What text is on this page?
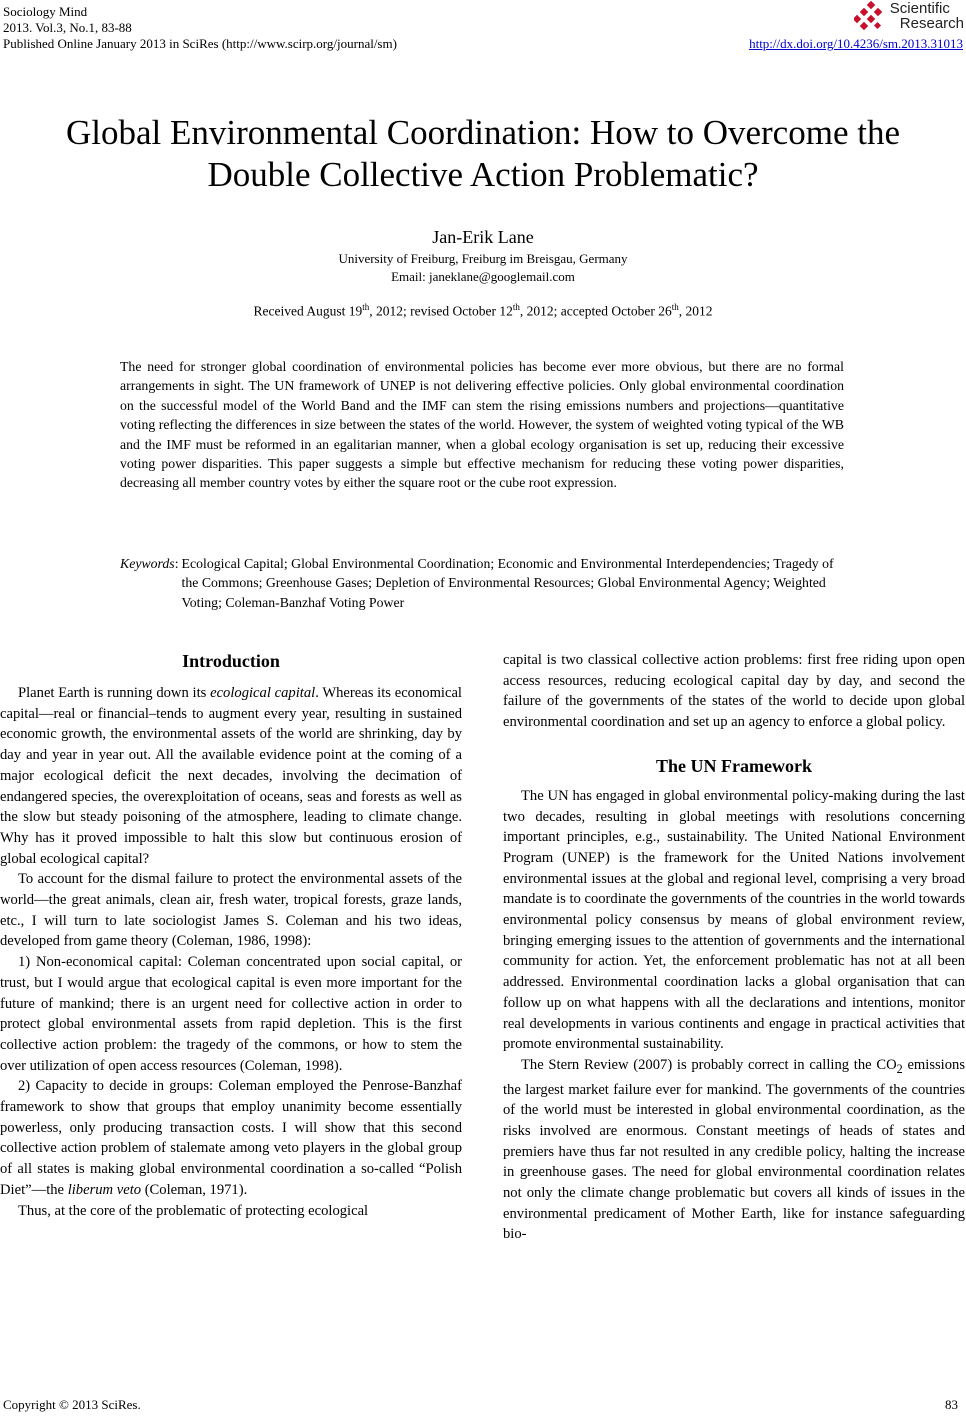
Sociology Mind
2013. Vol.3, No.1, 83-88
Published Online January 2013 in SciRes (http://www.scirp.org/journal/sm)
Scientific
Research
http://dx.doi.org/10.4236/sm.2013.31013
Global Environmental Coordination: How to Overcome the
Double Collective Action Problematic?
Jan-Erik Lane
University of Freiburg, Freiburg im Breisgau, Germany
Email: janeklane@googlemail.com
Received August 19th, 2012; revised October 12th, 2012; accepted October 26th, 2012
The need for stronger global coordination of environmental policies has become ever more obvious, but there are no formal arrangements in sight. The UN framework of UNEP is not delivering effective policies. Only global environmental coordination on the successful model of the World Band and the IMF can stem the rising emissions numbers and projections—quantitative voting reflecting the differences in size between the states of the world. However, the system of weighted voting typical of the WB and the IMF must be reformed in an egalitarian manner, when a global ecology organisation is set up, reducing their excessive voting power disparities. This paper suggests a simple but effective mechanism for reducing these voting power disparities, decreasing all member country votes by either the square root or the cube root expression.
Keywords: Ecological Capital; Global Environmental Coordination; Economic and Environmental Interdependencies; Tragedy of the Commons; Greenhouse Gases; Depletion of Environmental Resources; Global Environmental Agency; Weighted Voting; Coleman-Banzhaf Voting Power
Introduction

Planet Earth is running down its ecological capital. Whereas its economical capital—real or financial–tends to augment every year, resulting in sustained economic growth, the environmental assets of the world are shrinking, day by day and year in year out. All the available evidence point at the coming of a major ecological deficit the next decades, involving the decimation of endangered species, the overexploitation of oceans, seas and forests as well as the slow but steady poisoning of the atmosphere, leading to climate change. Why has it proved impossible to halt this slow but continuous erosion of global ecological capital?

To account for the dismal failure to protect the environmental assets of the world—the great animals, clean air, fresh water, tropical forests, graze lands, etc., I will turn to late sociologist James S. Coleman and his two ideas, developed from game theory (Coleman, 1986, 1998):

1) Non-economical capital: Coleman concentrated upon social capital, or trust, but I would argue that ecological capital is even more important for the future of mankind; there is an urgent need for collective action in order to protect global environmental assets from rapid depletion. This is the first collective action problem: the tragedy of the commons, or how to stem the over utilization of open access resources (Coleman, 1998).

2) Capacity to decide in groups: Coleman employed the Penrose-Banzhaf framework to show that groups that employ unanimity become essentially powerless, only producing transaction costs. I will show that this second collective action problem of stalemate among veto players in the global group of all states is making global environmental coordination a so-called “Polish Diet”—the liberum veto (Coleman, 1971).

Thus, at the core of the problematic of protecting ecological

capital is two classical collective action problems: first free riding upon open access resources, reducing ecological capital day by day, and second the failure of the governments of the states of the world to decide upon global environmental coordination and set up an agency to enforce a global policy.

The UN Framework

The UN has engaged in global environmental policy-making during the last two decades, resulting in global meetings with resolutions concerning important principles, e.g., sustainability. The United National Environment Program (UNEP) is the framework for the United Nations involvement environmental issues at the global and regional level, comprising a very broad mandate is to coordinate the governments of the countries in the world towards environmental policy consensus by means of global environment review, bringing emerging issues to the attention of governments and the international community for action. Yet, the enforcement problematic has not at all been addressed. Environmental coordination lacks a global organisation that can follow up on what happens with all the declarations and intentions, monitor real developments in various continents and engage in practical activities that promote environmental sustainability.

The Stern Review (2007) is probably correct in calling the $CO_2$ emissions the largest market failure ever for mankind. The governments of the countries of the world must be interested in global environmental coordination, as the risks involved are enormous. Constant meetings of heads of states and premiers have thus far not resulted in any credible policy, halting the increase in greenhouse gases. The need for global environmental coordination relates not only the climate change problematic but covers all kinds of issues in the environmental predicament of Mother Earth, like for instance safeguarding bio-

Copyright © 2013 SciRes.	83
